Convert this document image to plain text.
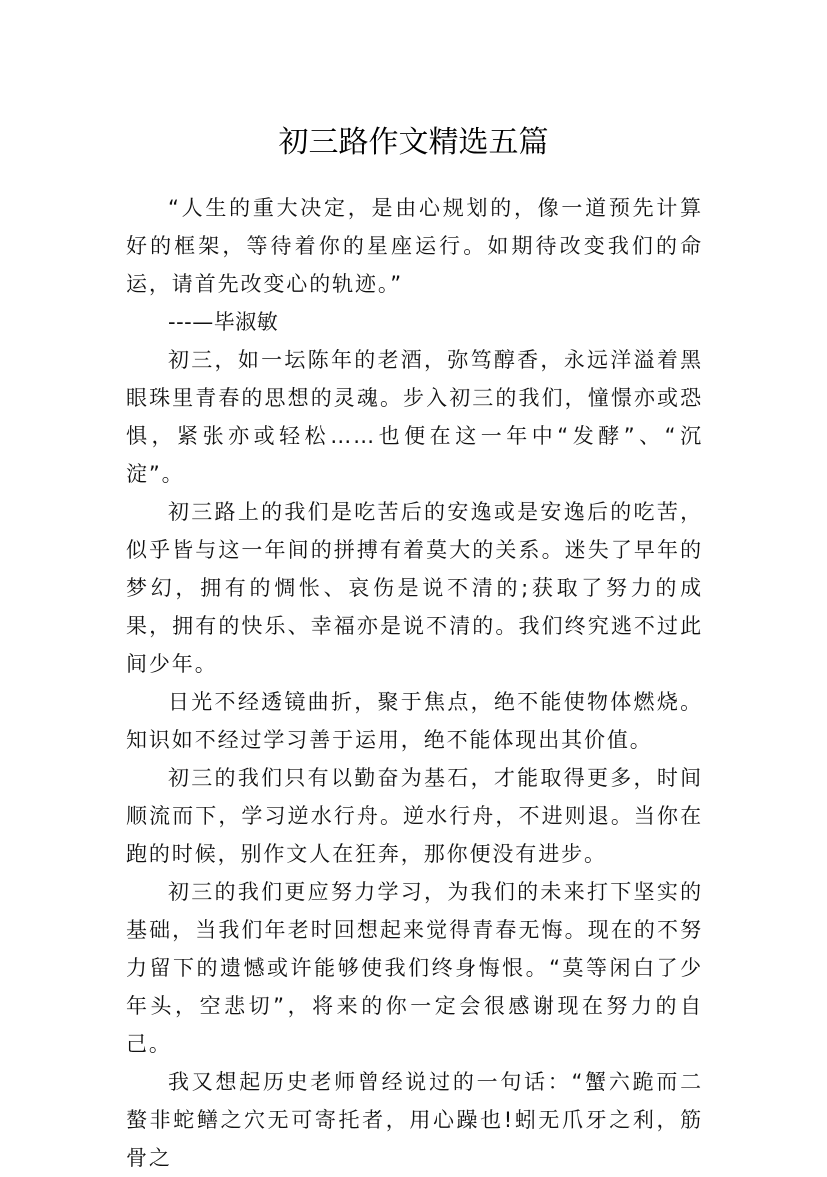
初三路作文精选五篇

“人生的重大决定，是由心规划的，像一道预先计算好的框架，等待着你的星座运行。如期待改变我们的命运，请首先改变心的轨迹。”

---—毕淑敏

初三，如一坛陈年的老酒，弥笃醇香，永远洋溢着黑眼珠里青春的思想的灵魂。步入初三的我们，憧憬亦或恐惧，紧张亦或轻松……也便在这一年中“发酵”、“沉淀”。

初三路上的我们是吃苦后的安逸或是安逸后的吃苦，似乎皆与这一年间的拼搏有着莫大的关系。迷失了早年的梦幻，拥有的惆怅、哀伤是说不清的;获取了努力的成果，拥有的快乐、幸福亦是说不清的。我们终究逃不过此间少年。

日光不经透镜曲折，聚于焦点，绝不能使物体燃烧。知识如不经过学习善于运用，绝不能体现出其价值。

初三的我们只有以勤奋为基石，才能取得更多，时间顺流而下，学习逆水行舟。逆水行舟，不进则退。当你在跑的时候，别作文人在狂奔，那你便没有进步。

初三的我们更应努力学习，为我们的未来打下坚实的基础，当我们年老时回想起来觉得青春无悔。现在的不努力留下的遗憾或许能够使我们终身悔恨。“莫等闲白了少年头，空悲切”，将来的你一定会很感谢现在努力的自己。

我又想起历史老师曾经说过的一句话：“蟹六跪而二螯非蛇鳝之穴无可寄托者，用心躁也!蚓无爪牙之利，筋骨之
